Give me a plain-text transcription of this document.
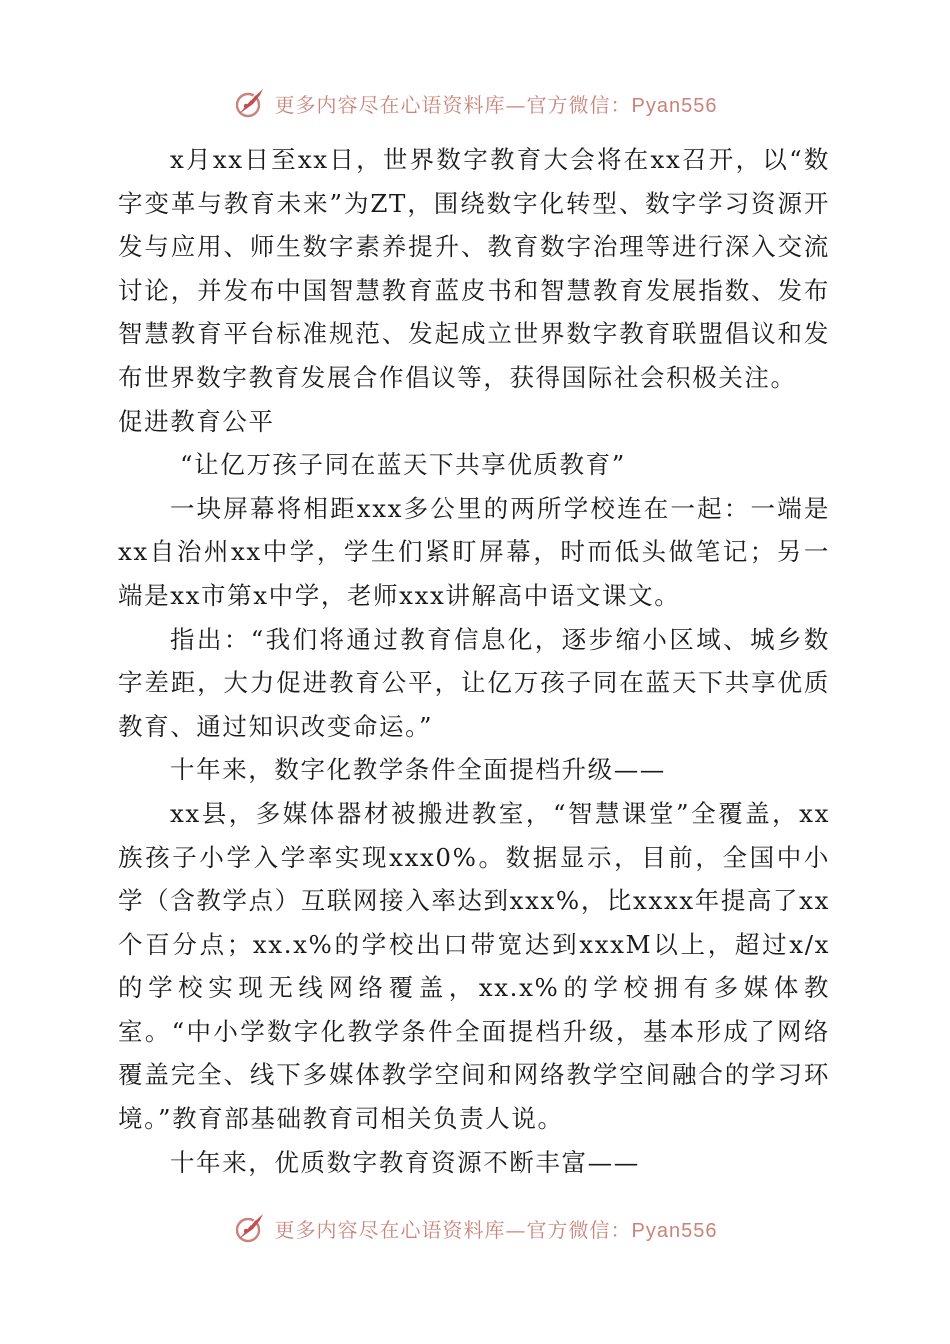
更多内容尽在心语资料库—官方微信：Pyan556

x月xx日至xx日，世界数字教育大会将在xx召开，以“数字变革与教育未来”为ZT，围绕数字化转型、数字学习资源开发与应用、师生数字素养提升、教育数字治理等进行深入交流讨论，并发布中国智慧教育蓝皮书和智慧教育发展指数、发布智慧教育平台标准规范、发起成立世界数字教育联盟倡议和发布世界数字教育发展合作倡议等，获得国际社会积极关注。

促进教育公平

“让亿万孩子同在蓝天下共享优质教育”

一块屏幕将相距xxx多公里的两所学校连在一起：一端是xx自治州xx中学，学生们紧盯屏幕，时而低头做笔记；另一端是xx市第x中学，老师xxx讲解高中语文课文。

指出：“我们将通过教育信息化，逐步缩小区域、城乡数字差距，大力促进教育公平，让亿万孩子同在蓝天下共享优质教育、通过知识改变命运。”

十年来，数字化教学条件全面提档升级——

xx县，多媒体器材被搬进教室，“智慧课堂”全覆盖，xx族孩子小学入学率实现xxx0%。数据显示，目前，全国中小学（含教学点）互联网接入率达到xxx%，比xxxx年提高了xx个百分点；xx.x%的学校出口带宽达到xxxM以上，超过x/x的学校实现无线网络覆盖，xx.x%的学校拥有多媒体教室。“中小学数字化教学条件全面提档升级，基本形成了网络覆盖完全、线下多媒体教学空间和网络教学空间融合的学习环境。”教育部基础教育司相关负责人说。

十年来，优质数字教育资源不断丰富——

更多内容尽在心语资料库—官方微信：Pyan556
